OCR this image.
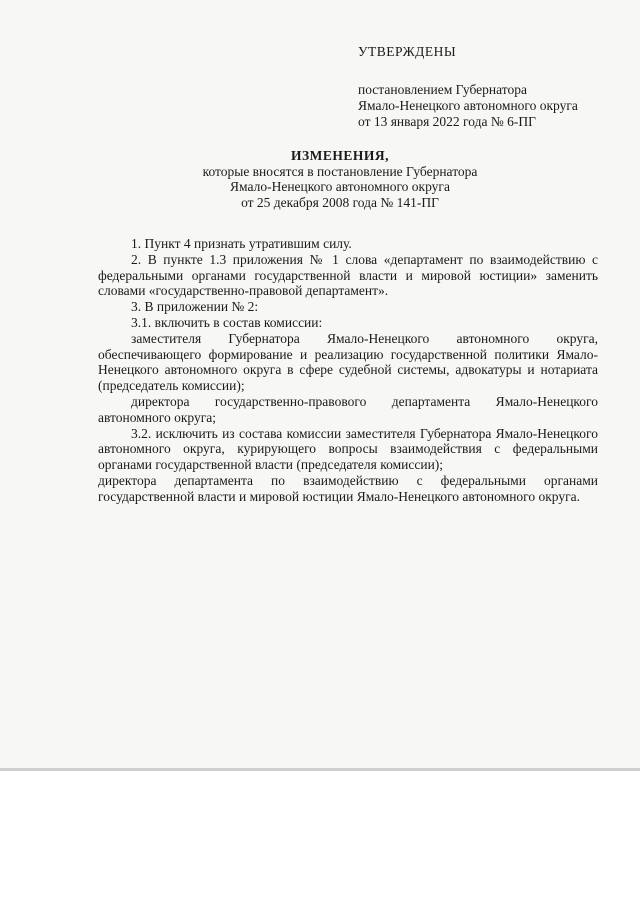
УТВЕРЖДЕНЫ
постановлением Губернатора
Ямало-Ненецкого автономного округа
от 13 января 2022 года № 6-ПГ
ИЗМЕНЕНИЯ,
которые вносятся в постановление Губернатора
Ямало-Ненецкого автономного округа
от 25 декабря 2008 года № 141-ПГ

1. Пункт 4 признать утратившим силу.

2. В пункте 1.3 приложения № 1 слова «департамент по взаимодействию с федеральными органами государственной власти и мировой юстиции» заменить словами «государственно-правовой департамент».

3. В приложении № 2:

3.1. включить в состав комиссии:

заместителя Губернатора Ямало-Ненецкого автономного округа, обеспечивающего формирование и реализацию государственной политики Ямало-Ненецкого автономного округа в сфере судебной системы, адвокатуры и нотариата (председатель комиссии);

директора государственно-правового департамента Ямало-Ненецкого автономного округа;

3.2. исключить из состава комиссии заместителя Губернатора Ямало-Ненецкого автономного округа, курирующего вопросы взаимодействия с федеральными органами государственной власти (председателя комиссии);

директора департамента по взаимодействию с федеральными органами государственной власти и мировой юстиции Ямало-Ненецкого автономного округа.
